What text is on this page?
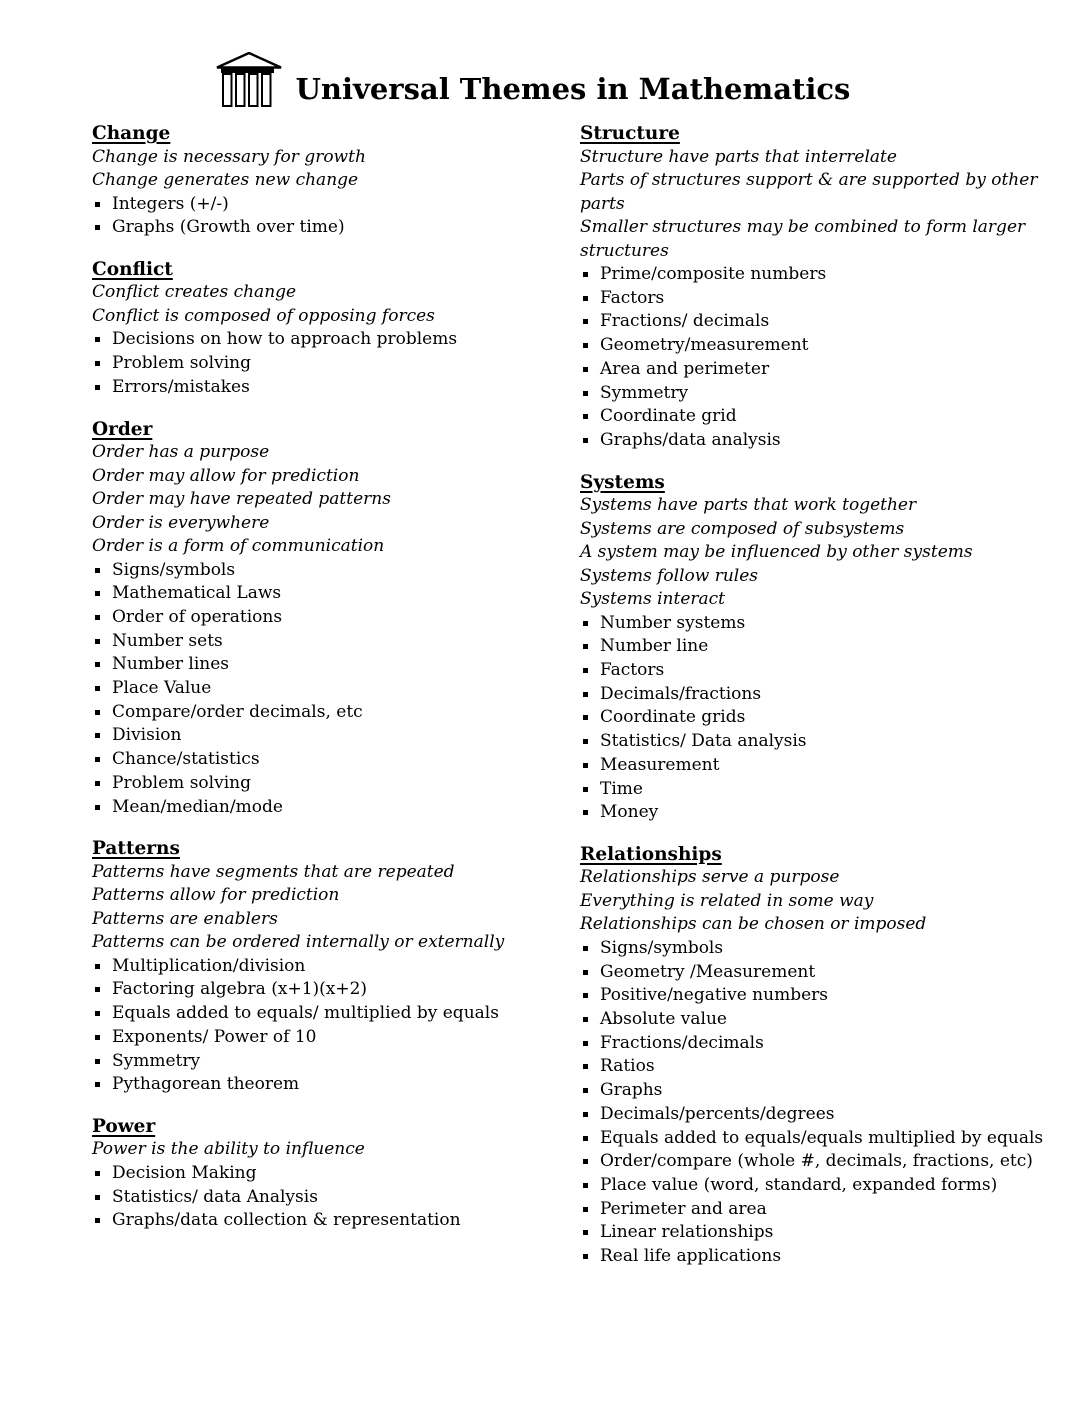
Universal Themes in Mathematics
Change

Change is necessary for growth

Change generates new change

Integers (+/-)
Graphs (Growth over time)
Conflict

Conflict creates change

Conflict is composed of opposing forces

Decisions on how to approach problems
Problem solving
Errors/mistakes
Order

Order has a purpose

Order may allow for prediction

Order may have repeated patterns

Order is everywhere

Order is a form of communication

Signs/symbols
Mathematical Laws
Order of operations
Number sets
Number lines
Place Value
Compare/order decimals, etc
Division
Chance/statistics
Problem solving
Mean/median/mode
Patterns

Patterns have segments that are repeated

Patterns allow for prediction

Patterns are enablers

Patterns can be ordered internally or externally

Multiplication/division
Factoring algebra (x+1)(x+2)
Equals added to equals/ multiplied by equals
Exponents/ Power of 10
Symmetry
Pythagorean theorem
Power

Power is the ability to influence

Decision Making
Statistics/ data Analysis
Graphs/data collection & representation
Structure

Structure have parts that interrelate

Parts of structures support & are supported by other parts

Smaller structures may be combined to form larger structures

Prime/composite numbers
Factors
Fractions/ decimals
Geometry/measurement
Area and perimeter
Symmetry
Coordinate grid
Graphs/data analysis
Systems

Systems have parts that work together

Systems are composed of subsystems

A system may be influenced by other systems

Systems follow rules

Systems interact

Number systems
Number line
Factors
Decimals/fractions
Coordinate grids
Statistics/ Data analysis
Measurement
Time
Money
Relationships

Relationships serve a purpose

Everything is related in some way

Relationships can be chosen or imposed

Signs/symbols
Geometry /Measurement
Positive/negative numbers
Absolute value
Fractions/decimals
Ratios
Graphs
Decimals/percents/degrees
Equals added to equals/equals multiplied by equals
Order/compare (whole #, decimals, fractions, etc)
Place value (word, standard, expanded forms)
Perimeter and area
Linear relationships
Real life applications
